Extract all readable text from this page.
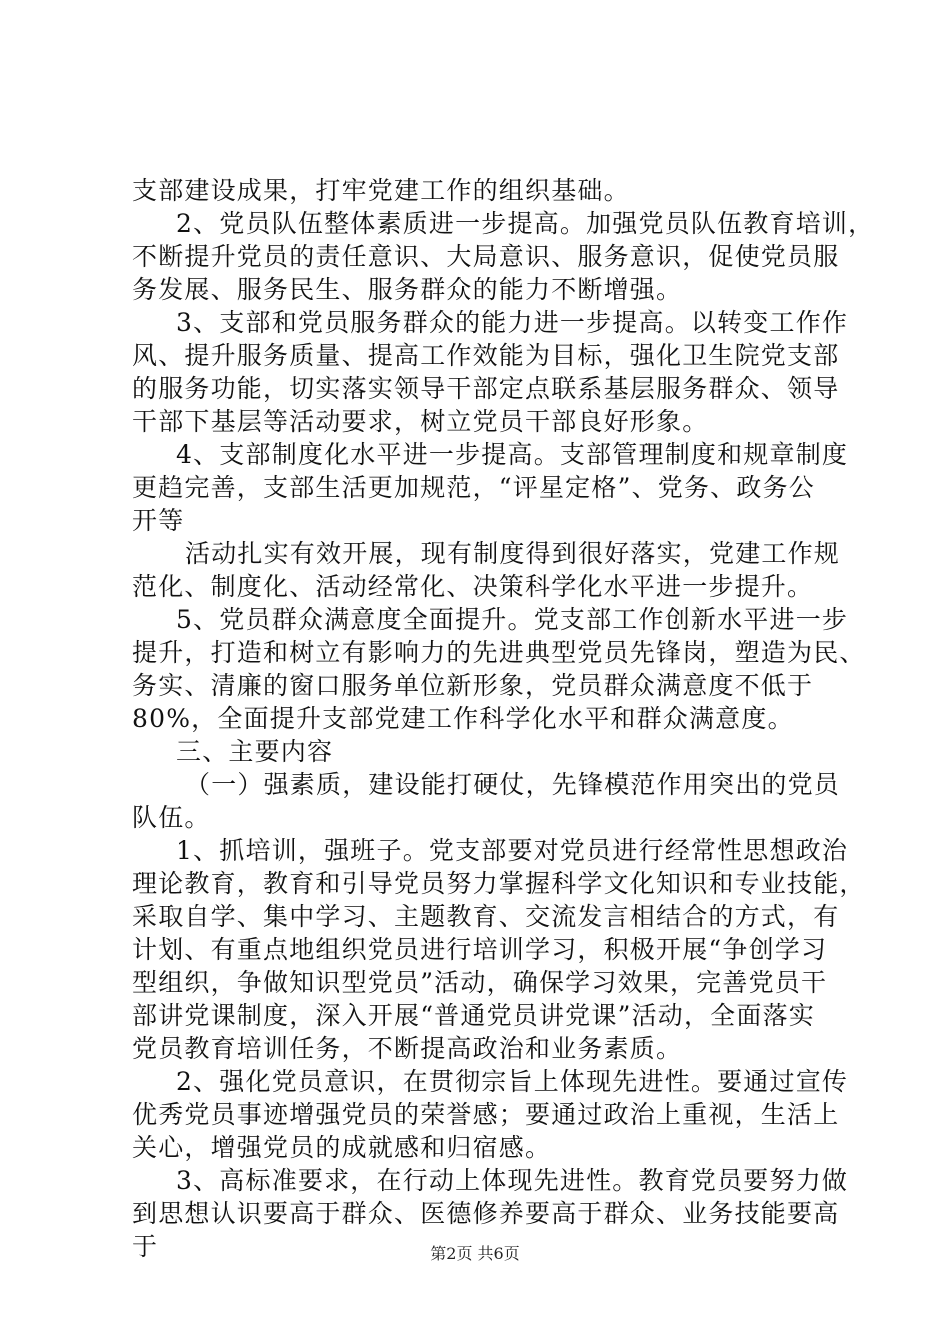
支部建设成果，打牢党建工作的组织基础。
2、党员队伍整体素质进一步提高。加强党员队伍教育培训，
不断提升党员的责任意识、大局意识、服务意识，促使党员服
务发展、服务民生、服务群众的能力不断增强。
3、支部和党员服务群众的能力进一步提高。以转变工作作
风、提升服务质量、提高工作效能为目标，强化卫生院党支部
的服务功能，切实落实领导干部定点联系基层服务群众、领导
干部下基层等活动要求，树立党员干部良好形象。
4、支部制度化水平进一步提高。支部管理制度和规章制度
更趋完善，支部生活更加规范，“评星定格”、党务、政务公
开等
活动扎实有效开展，现有制度得到很好落实，党建工作规
范化、制度化、活动经常化、决策科学化水平进一步提升。
5、党员群众满意度全面提升。党支部工作创新水平进一步
提升，打造和树立有影响力的先进典型党员先锋岗，塑造为民、
务实、清廉的窗口服务单位新形象，党员群众满意度不低于
80%，全面提升支部党建工作科学化水平和群众满意度。
三、主要内容
（一）强素质，建设能打硬仗，先锋模范作用突出的党员
队伍。
1、抓培训，强班子。党支部要对党员进行经常性思想政治
理论教育，教育和引导党员努力掌握科学文化知识和专业技能，
采取自学、集中学习、主题教育、交流发言相结合的方式，有
计划、有重点地组织党员进行培训学习，积极开展“争创学习
型组织，争做知识型党员”活动，确保学习效果，完善党员干
部讲党课制度，深入开展“普通党员讲党课”活动，全面落实
党员教育培训任务，不断提高政治和业务素质。
2、强化党员意识，在贯彻宗旨上体现先进性。要通过宣传
优秀党员事迹增强党员的荣誉感；要通过政治上重视，生活上
关心，增强党员的成就感和归宿感。
3、高标准要求，在行动上体现先进性。教育党员要努力做
到思想认识要高于群众、医德修养要高于群众、业务技能要高
于	第2页 共6页
